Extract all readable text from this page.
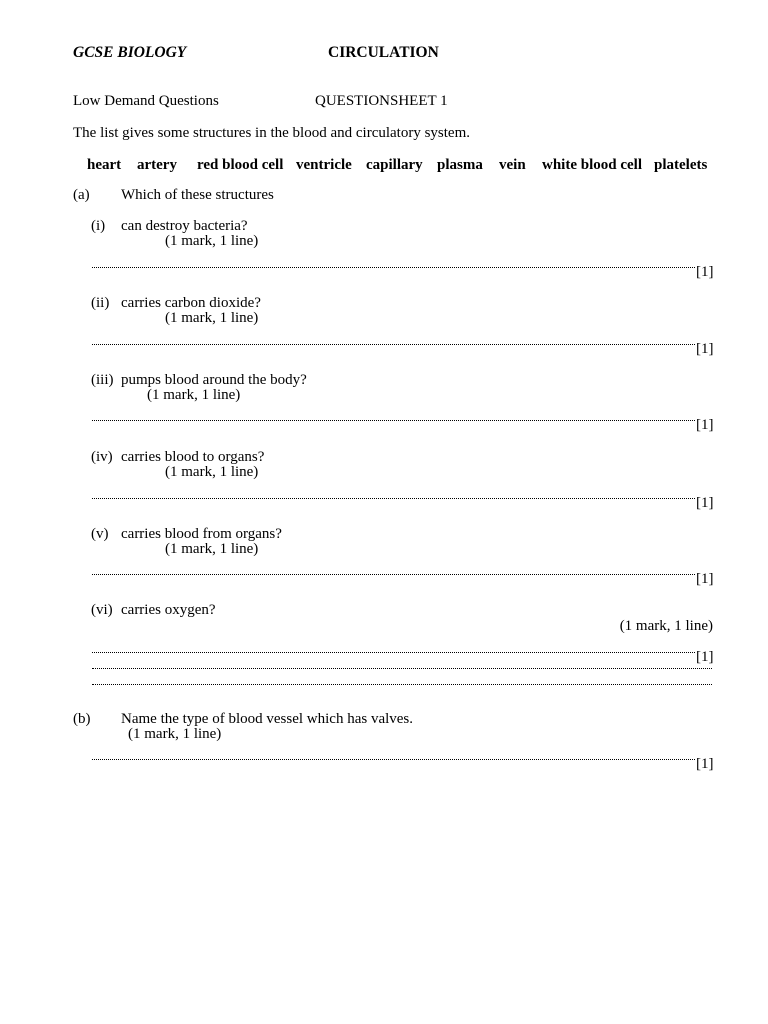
GCSE BIOLOGY	CIRCULATION
Low Demand Questions	QUESTIONSHEET 1
The list gives some structures in the blood and circulatory system.
heart artery red blood cell ventricle capillary plasma vein white blood cell platelets
(a) Which of these structures
(i) can destroy bacteria?
(1 mark, 1 line)
[1]
(ii) carries carbon dioxide?
(1 mark, 1 line)
[1]
(iii) pumps blood around the body?
(1 mark, 1 line)
[1]
(iv) carries blood to organs?
(1 mark, 1 line)
[1]
(v) carries blood from organs?
(1 mark, 1 line)
[1]
(vi) carries oxygen?
(1 mark, 1 line)
[1]
(b) Name the type of blood vessel which has valves.
(1 mark, 1 line)
[1]
